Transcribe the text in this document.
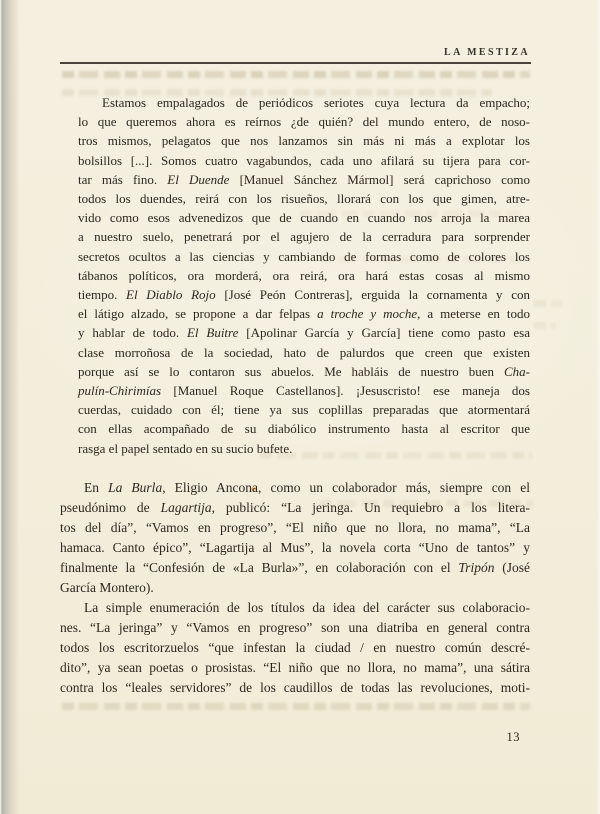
LA MESTIZA
Estamos empalagados de periódicos seriotes cuya lectura da empacho;
lo que queremos ahora es reírnos ¿de quién? del mundo entero, de noso-
tros mismos, pelagatos que nos lanzamos sin más ni más a explotar los
bolsillos [...]. Somos cuatro vagabundos, cada uno afilará su tijera para cor-
tar más fino. El Duende [Manuel Sánchez Mármol] será caprichoso como
todos los duendes, reirá con los risueños, llorará con los que gimen, atre-
vido como esos advenedizos que de cuando en cuando nos arroja la marea
a nuestro suelo, penetrará por el agujero de la cerradura para sorprender
secretos ocultos a las ciencias y cambiando de formas como de colores los
tábanos políticos, ora morderá, ora reirá, ora hará estas cosas al mismo
tiempo. El Diablo Rojo [José Peón Contreras], erguida la cornamenta y con
el látigo alzado, se propone a dar felpas a troche y moche, a meterse en todo
y hablar de todo. El Buitre [Apolinar García y García] tiene como pasto esa
clase morroñosa de la sociedad, hato de palurdos que creen que existen
porque así se lo contaron sus abuelos. Me habláis de nuestro buen Cha-
pulín-Chirimías [Manuel Roque Castellanos]. ¡Jesuscristo! ese maneja dos
cuerdas, cuidado con él; tiene ya sus coplillas preparadas que atormentará
con ellas acompañado de su diabólico instrumento hasta al escritor que
rasga el papel sentado en su sucio bufete.
En La Burla, Eligio Ancona, como un colaborador más, siempre con el
pseudónimo de Lagartija, publicó: “La jeringa. Un requiebro a los litera-
tos del día”, “Vamos en progreso”, “El niño que no llora, no mama”, “La
hamaca. Canto épico”, “Lagartija al Mus”, la novela corta “Uno de tantos” y
finalmente la “Confesión de «La Burla»”, en colaboración con el Tripón (José
García Montero).
La simple enumeración de los títulos da idea del carácter sus colaboracio-
nes. “La jeringa” y “Vamos en progreso” son una diatriba en general contra
todos los escritorzuelos “que infestan la ciudad / en nuestro común descré-
dito”, ya sean poetas o prosistas. “El niño que no llora, no mama”, una sátira
contra los “leales servidores” de los caudillos de todas las revoluciones, moti-
13
